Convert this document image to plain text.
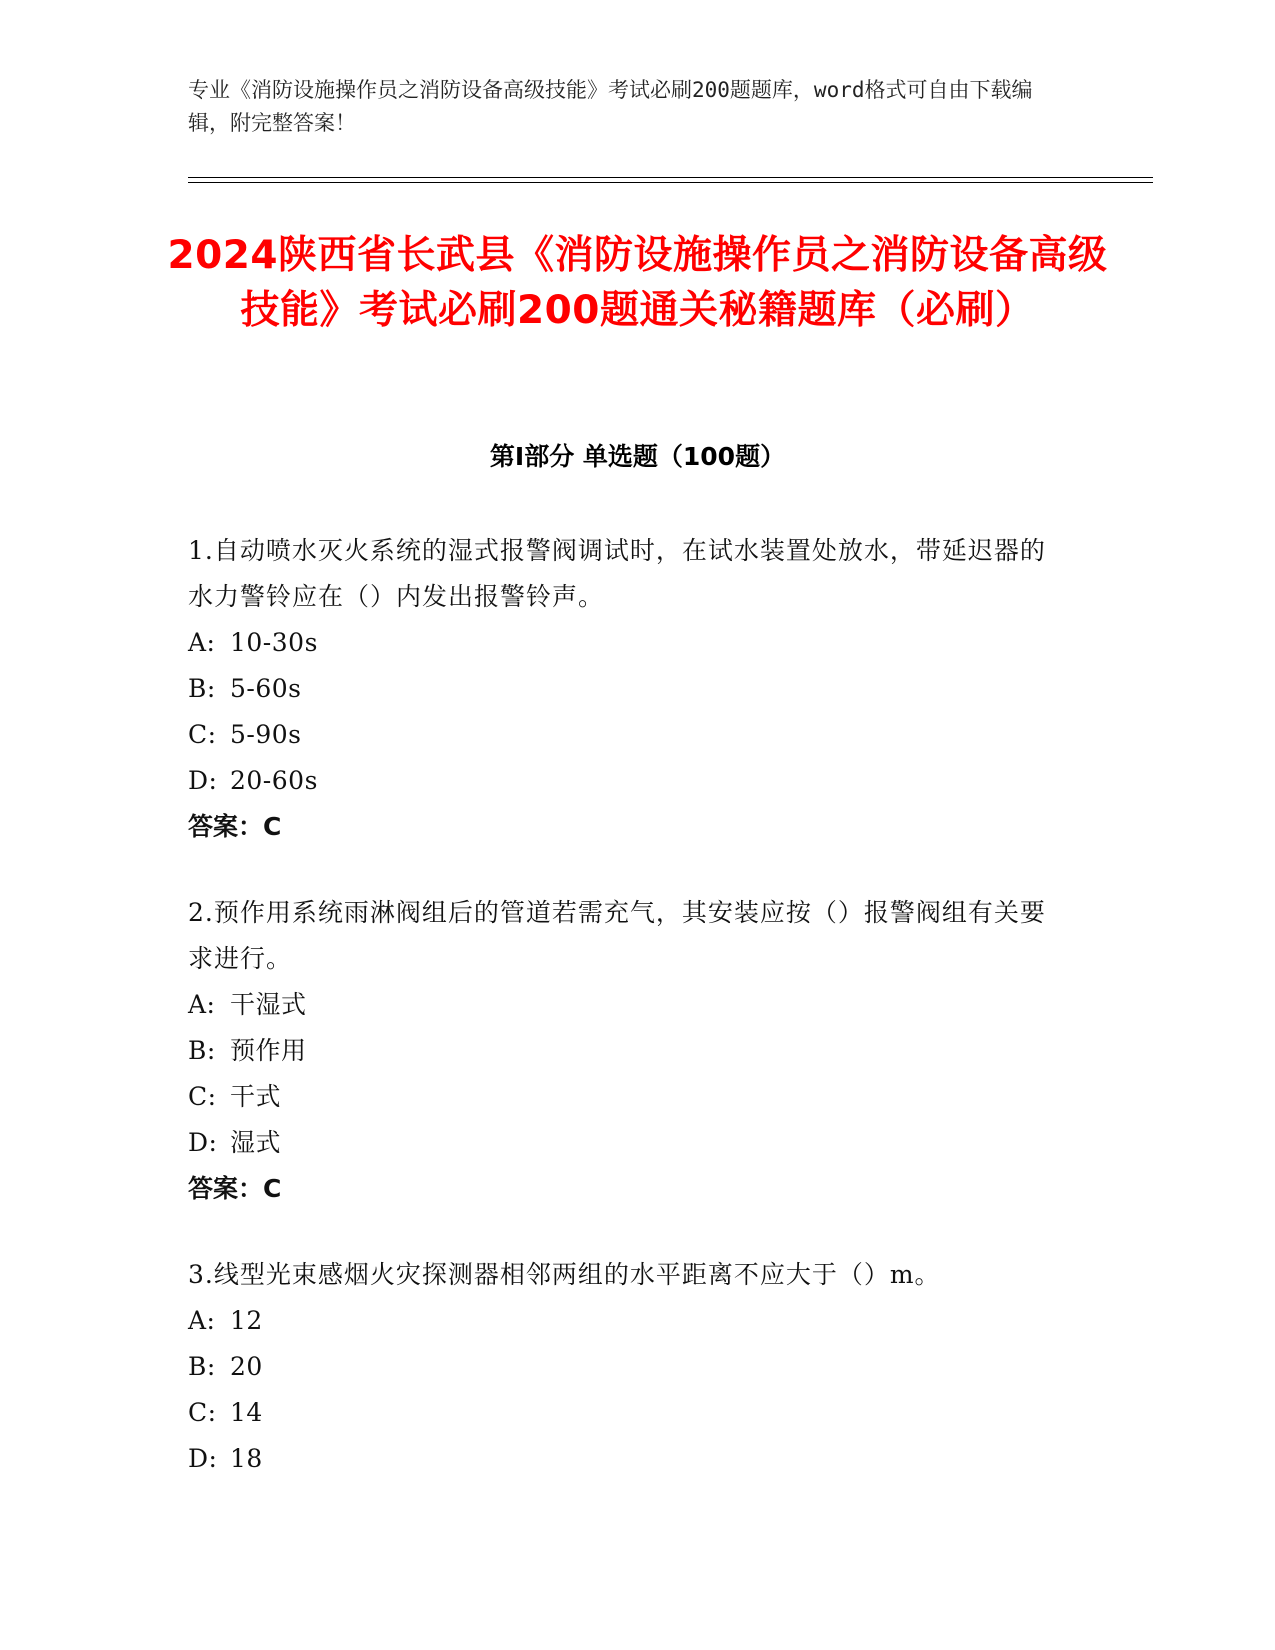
专业《消防设施操作员之消防设备高级技能》考试必刷200题题库，word格式可自由下载编辑，附完整答案！
2024陕西省长武县《消防设施操作员之消防设备高级技能》考试必刷200题通关秘籍题库（必刷）
第Ⅰ部分 单选题（100题）
1.自动喷水灭火系统的湿式报警阀调试时，在试水装置处放水，带延迟器的水力警铃应在（）内发出报警铃声。
A: 10-30s
B: 5-60s
C: 5-90s
D: 20-60s
答案：C
2.预作用系统雨淋阀组后的管道若需充气，其安装应按（）报警阀组有关要求进行。
A: 干湿式
B: 预作用
C: 干式
D: 湿式
答案：C
3.线型光束感烟火灾探测器相邻两组的水平距离不应大于（）m。
A: 12
B: 20
C: 14
D: 18
